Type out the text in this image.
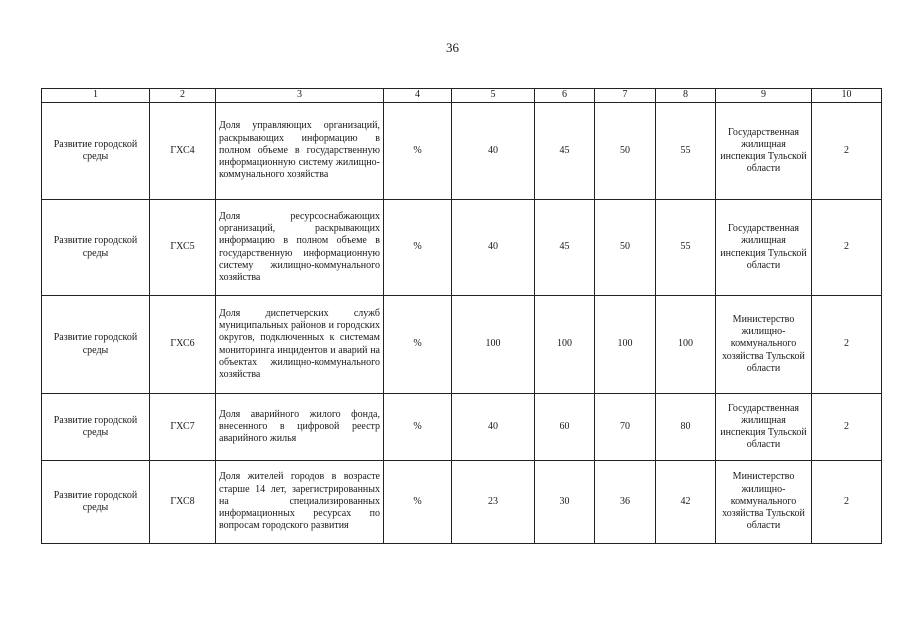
36
1	2	3	4	5	6	7	8	9	10
Развитие городской среды	ГХС4	Доля управляющих организаций, раскрывающих информацию в полном объеме в государственную информационную систему жилищно-коммунального хозяйства	%	40	45	50	55	Государственная жилищная инспекция Тульской области	2
Развитие городской среды	ГХС5	Доля ресурсоснабжающих организаций, раскрывающих информацию в полном объеме в государственную информационную систему жилищно-коммунального хозяйства	%	40	45	50	55	Государственная жилищная инспекция Тульской области	2
Развитие городской среды	ГХС6	Доля диспетчерских служб муниципальных районов и городских округов, подключенных к системам мониторинга инцидентов и аварий на объектах жилищно-коммунального хозяйства	%	100	100	100	100	Министерство жилищно-коммунального хозяйства Тульской области	2
Развитие городской среды	ГХС7	Доля аварийного жилого фонда, внесенного в цифровой реестр аварийного жилья	%	40	60	70	80	Государственная жилищная инспекция Тульской области	2
Развитие городской среды	ГХС8	Доля жителей городов в возрасте старше 14 лет, зарегистрированных на специализированных информационных ресурсах по вопросам городского развития	%	23	30	36	42	Министерство жилищно-коммунального хозяйства Тульской области	2
